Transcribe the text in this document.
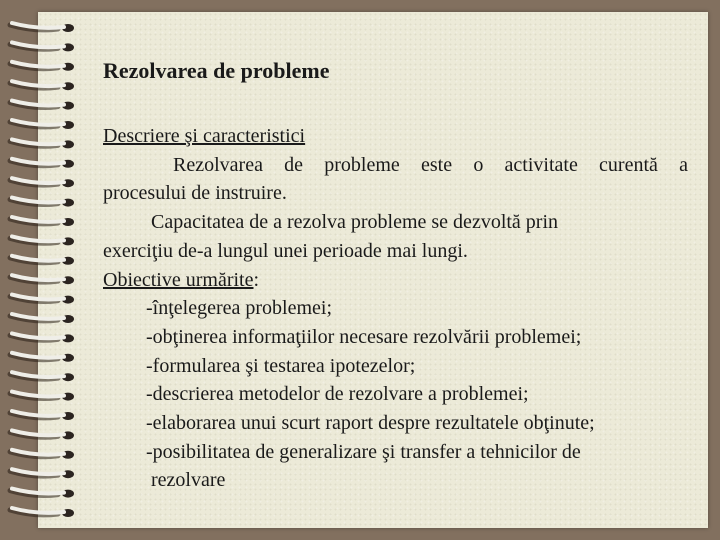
Rezolvarea de probleme

Descriere şi caracteristici

Rezolvarea de probleme este o activitate curentă a

procesului de instruire.

Capacitatea de a rezolva probleme se dezvoltă prin

exerciţiu de-a lungul unei perioade mai lungi.

Obiective urmărite:

-înţelegerea problemei;

-obţinerea informaţiilor necesare rezolvării problemei;

-formularea şi testarea ipotezelor;

-descrierea metodelor de rezolvare a problemei;

-elaborarea unui scurt raport despre rezultatele obţinute;

-posibilitatea de generalizare şi transfer a tehnicilor de

rezolvare
